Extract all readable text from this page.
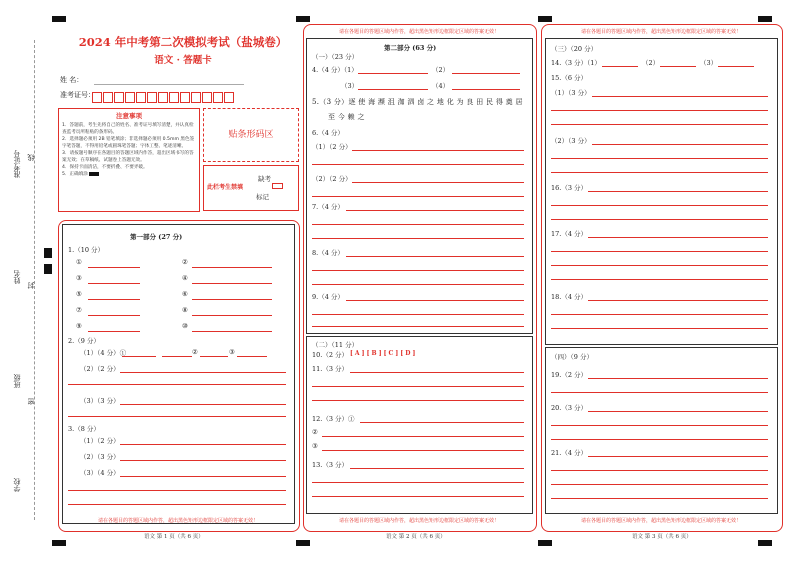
准考证号 线
姓名
封
班级
密
学校
2024 年中考第二次模拟考试（盐城卷）
语文 · 答题卡
姓 名：
准考证号：
注意事项
1．答题前，考生先将自己的姓名、准考证号填写清楚，并认真检查监考员所粘贴的条形码。
2．选择题必须用 2B 铅笔填涂；非选择题必须用 0.5mm 黑色签字笔答题，不得用铅笔或圆珠笔答题；字体工整、笔迹清晰。
3．请按题号顺序在各题目的答题区域内作答，超出区域书写的答案无效；在草稿纸、试题卷上答题无效。
4．保持卡面清洁，不要折叠、不要弄破。
5．正确填涂
贴条形码区
此栏考生禁填
缺考
标记
请在各题目的答题区域内作答，超出黑色矩形边框限定区域的答案无效！
语文 第 1 页（共 6 页）
第一部分 (27 分)
1.（10 分）
①	②
③	④
⑤	⑥
⑦	⑧
⑨	⑩
2.（9 分）
（1）（4 分）①	②	③
（2）（2 分）
（3）（3 分）
3.（8 分）
（1）（2 分）
（2）（3 分）
（3）（4 分）
请在各题目的答题区域内作答，超出黑色矩形边框限定区域的答案无效！
请在各题目的答题区域内作答，超出黑色矩形边框限定区域的答案无效！
语文 第 2 页（共 6 页）
第二部分 (63 分)
（一）（23 分）
4.（4 分）（1）	（2）
（3）	（4）
5.（3 分）逐 使 海 濒 沮 洳 泗 卤 之 地 化 为 良 田 民 得 奠 居
至 今 赖 之
6.（4 分）
（1）（2 分）
（2）（2 分）
7.（4 分）
8.（4 分）
9.（4 分）
（二）（11 分）
10.（2 分） [ A ] [ B ] [ C ] [ D ]
11.（3 分）
12.（3 分）①
②
③
13.（3 分）
请在各题目的答题区域内作答，超出黑色矩形边框限定区域的答案无效！
请在各题目的答题区域内作答，超出黑色矩形边框限定区域的答案无效！
语文 第 3 页（共 6 页）
（三）（20 分）
14.（3 分）（1）	（2）	（3）
15.（6 分）
（1）（3 分）
（2）（3 分）
16.（3 分）
17.（4 分）
18.（4 分）
（四）（9 分）
19.（2 分）
20.（3 分）
21.（4 分）
